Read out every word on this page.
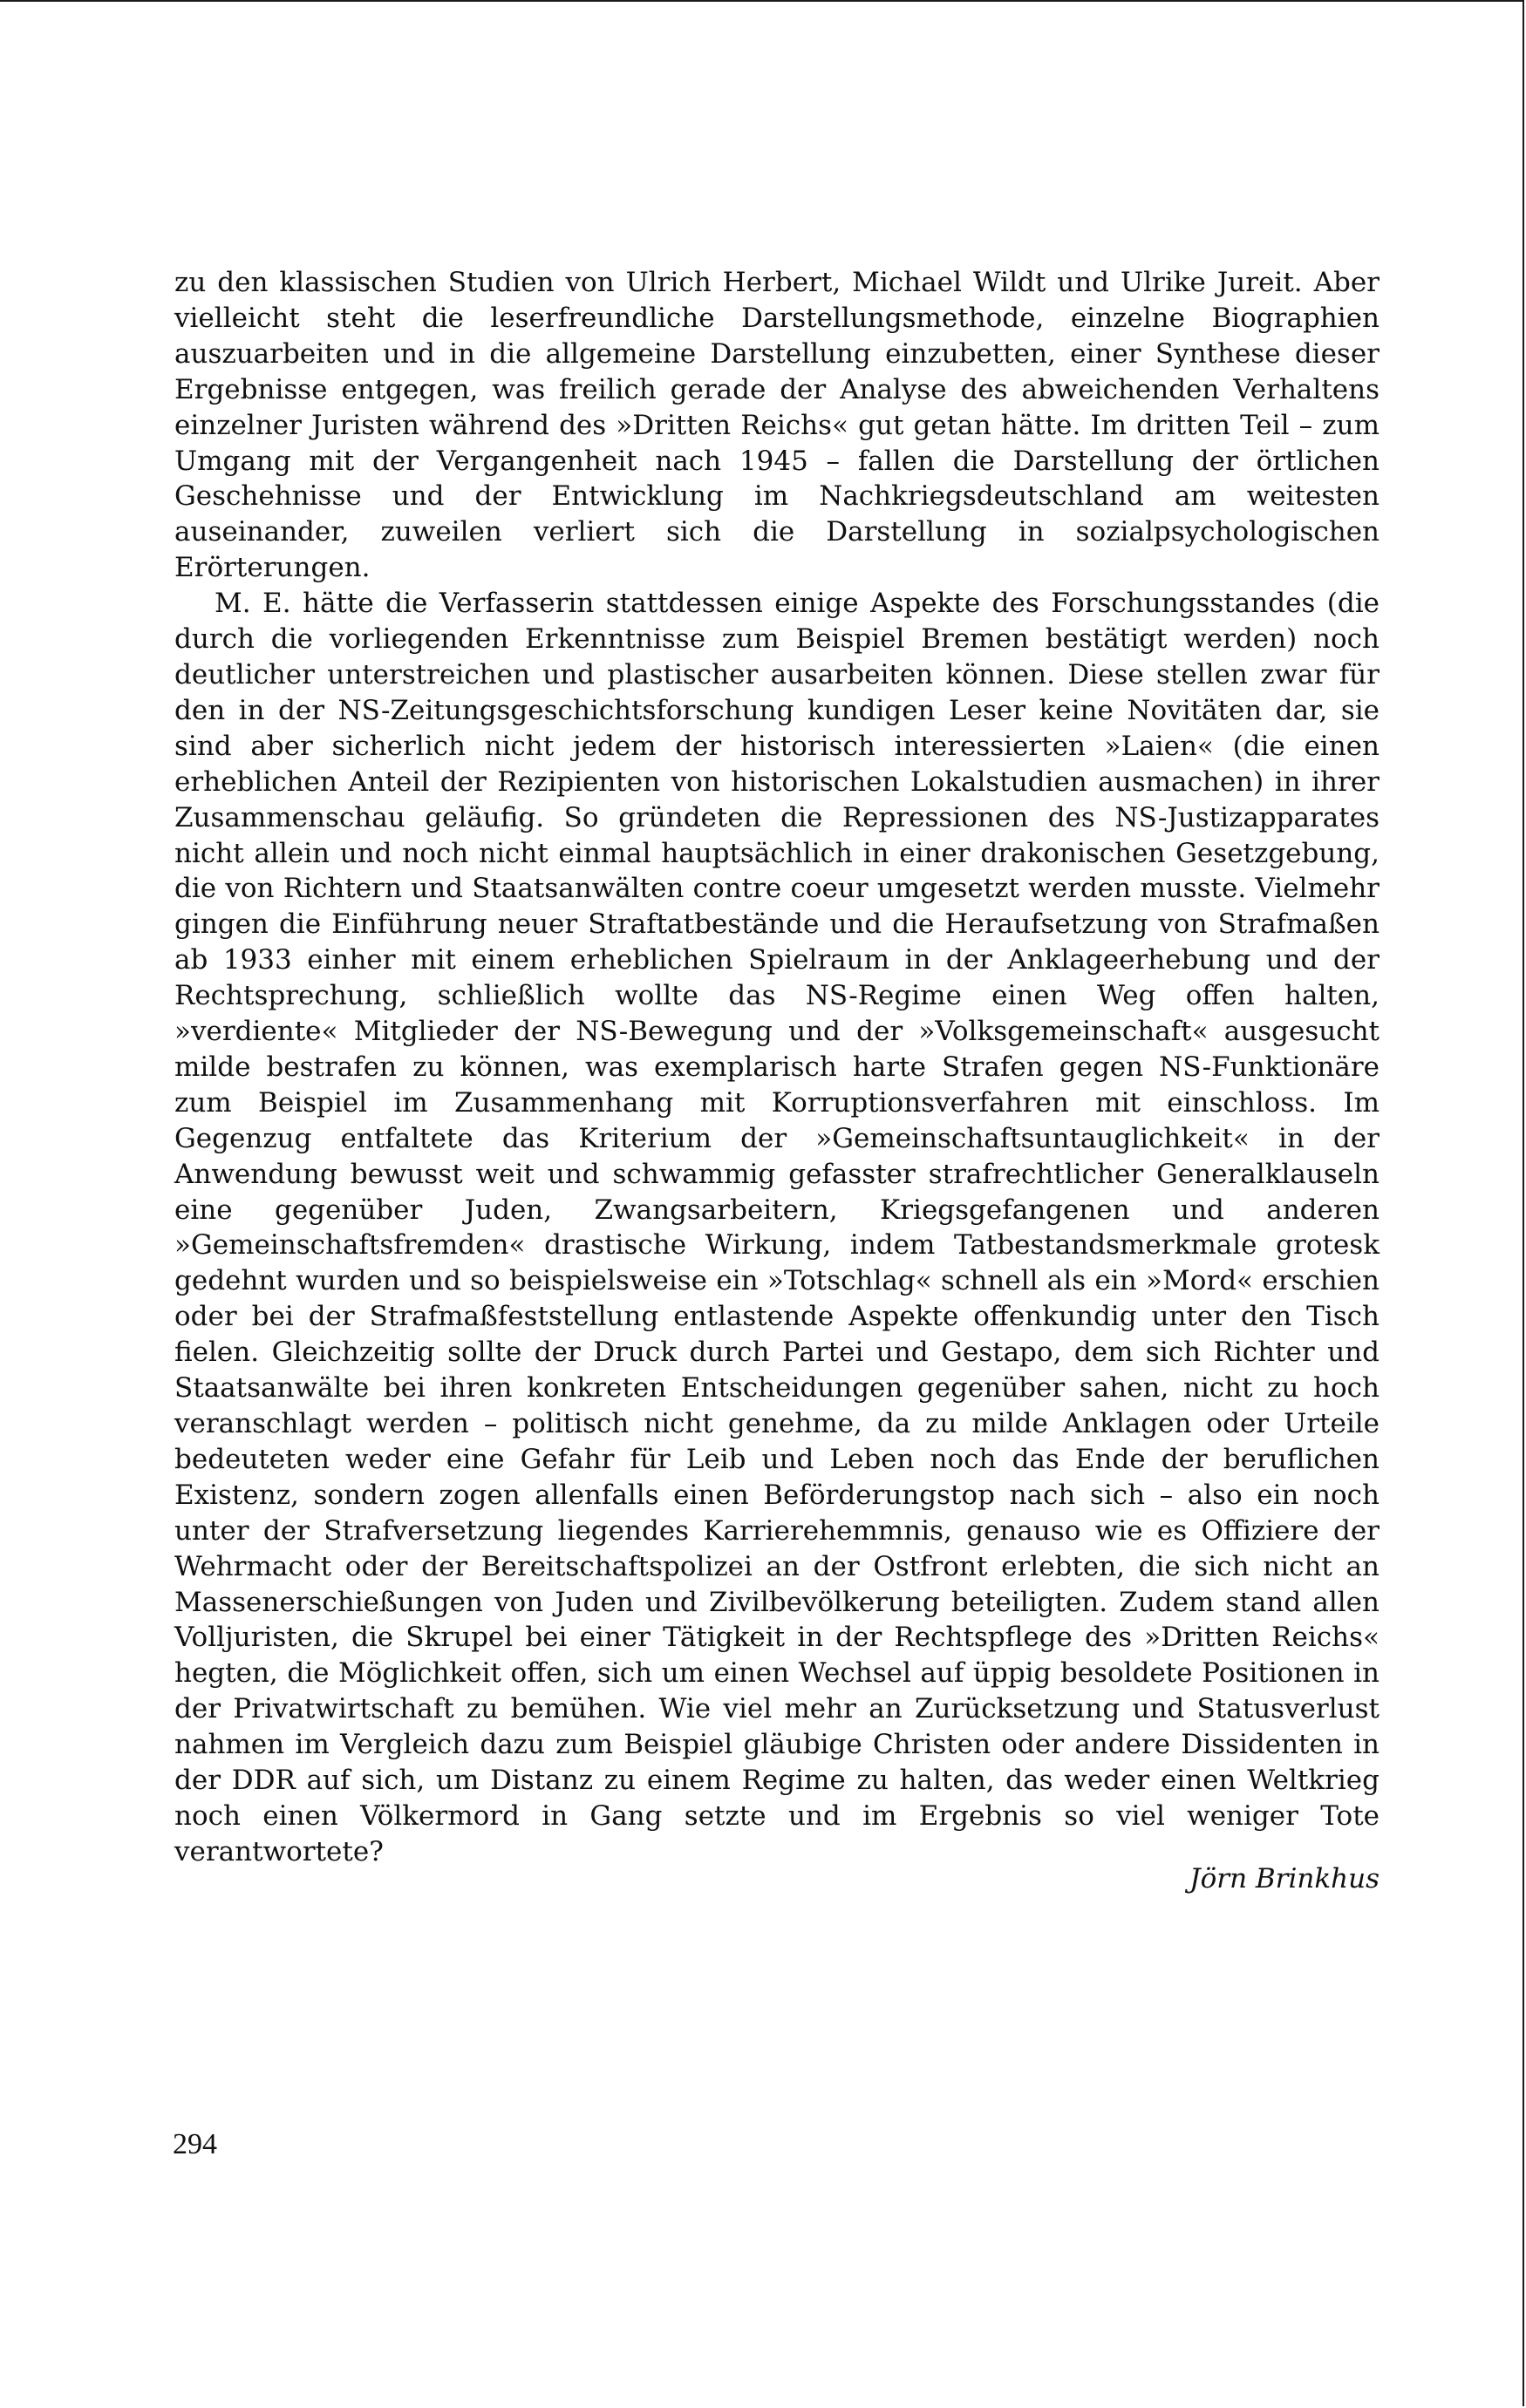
zu den klassischen Studien von Ulrich Herbert, Michael Wildt und Ulrike Jureit. Aber vielleicht steht die leserfreundliche Darstellungsmethode, einzelne Biographien auszuarbeiten und in die allgemeine Darstellung einzubetten, einer Synthese dieser Ergebnisse entgegen, was freilich gerade der Analyse des abweichenden Verhaltens einzelner Juristen während des »Dritten Reichs« gut getan hätte. Im dritten Teil – zum Umgang mit der Vergangenheit nach 1945 – fallen die Darstellung der örtlichen Geschehnisse und der Entwicklung im Nachkriegsdeutschland am weitesten auseinander, zuweilen verliert sich die Darstellung in sozialpsychologischen Erörterungen.

M. E. hätte die Verfasserin stattdessen einige Aspekte des Forschungsstandes (die durch die vorliegenden Erkenntnisse zum Beispiel Bremen bestätigt werden) noch deutlicher unterstreichen und plastischer ausarbeiten können. Diese stellen zwar für den in der NS-Zeitungsgeschichtsforschung kundigen Leser keine Novitäten dar, sie sind aber sicherlich nicht jedem der historisch interessierten »Laien« (die einen erheblichen Anteil der Rezipienten von historischen Lokalstudien ausmachen) in ihrer Zusammenschau geläufig. So gründeten die Repressionen des NS-Justizapparates nicht allein und noch nicht einmal hauptsächlich in einer drakonischen Gesetzgebung, die von Richtern und Staatsanwälten contre coeur umgesetzt werden musste. Vielmehr gingen die Einführung neuer Straftatbestände und die Heraufsetzung von Strafmaßen ab 1933 einher mit einem erheblichen Spielraum in der Anklageerhebung und der Rechtsprechung, schließlich wollte das NS-Regime einen Weg offen halten, »verdiente« Mitglieder der NS-Bewegung und der »Volksgemeinschaft« ausgesucht milde bestrafen zu können, was exemplarisch harte Strafen gegen NS-Funktionäre zum Beispiel im Zusammenhang mit Korruptionsverfahren mit einschloss. Im Gegenzug entfaltete das Kriterium der »Gemeinschaftsuntauglichkeit« in der Anwendung bewusst weit und schwammig gefasster strafrechtlicher Generalklauseln eine gegenüber Juden, Zwangsarbeitern, Kriegsgefangenen und anderen »Gemeinschaftsfremden« drastische Wirkung, indem Tatbestandsmerkmale grotesk gedehnt wurden und so beispielsweise ein »Totschlag« schnell als ein »Mord« erschien oder bei der Strafmaßfeststellung entlastende Aspekte offenkundig unter den Tisch fielen. Gleichzeitig sollte der Druck durch Partei und Gestapo, dem sich Richter und Staatsanwälte bei ihren konkreten Entscheidungen gegenüber sahen, nicht zu hoch veranschlagt werden – politisch nicht genehme, da zu milde Anklagen oder Urteile bedeuteten weder eine Gefahr für Leib und Leben noch das Ende der beruflichen Existenz, sondern zogen allenfalls einen Beförderungstop nach sich – also ein noch unter der Strafversetzung liegendes Karrierehemmnis, genauso wie es Offiziere der Wehrmacht oder der Bereitschaftspolizei an der Ostfront erlebten, die sich nicht an Massenerschießungen von Juden und Zivilbevölkerung beteiligten. Zudem stand allen Volljuristen, die Skrupel bei einer Tätigkeit in der Rechtspflege des »Dritten Reichs« hegten, die Möglichkeit offen, sich um einen Wechsel auf üppig besoldete Positionen in der Privatwirtschaft zu bemühen. Wie viel mehr an Zurücksetzung und Statusverlust nahmen im Vergleich dazu zum Beispiel gläubige Christen oder andere Dissidenten in der DDR auf sich, um Distanz zu einem Regime zu halten, das weder einen Weltkrieg noch einen Völkermord in Gang setzte und im Ergebnis so viel weniger Tote verantwortete?

Jörn Brinkhus
294
